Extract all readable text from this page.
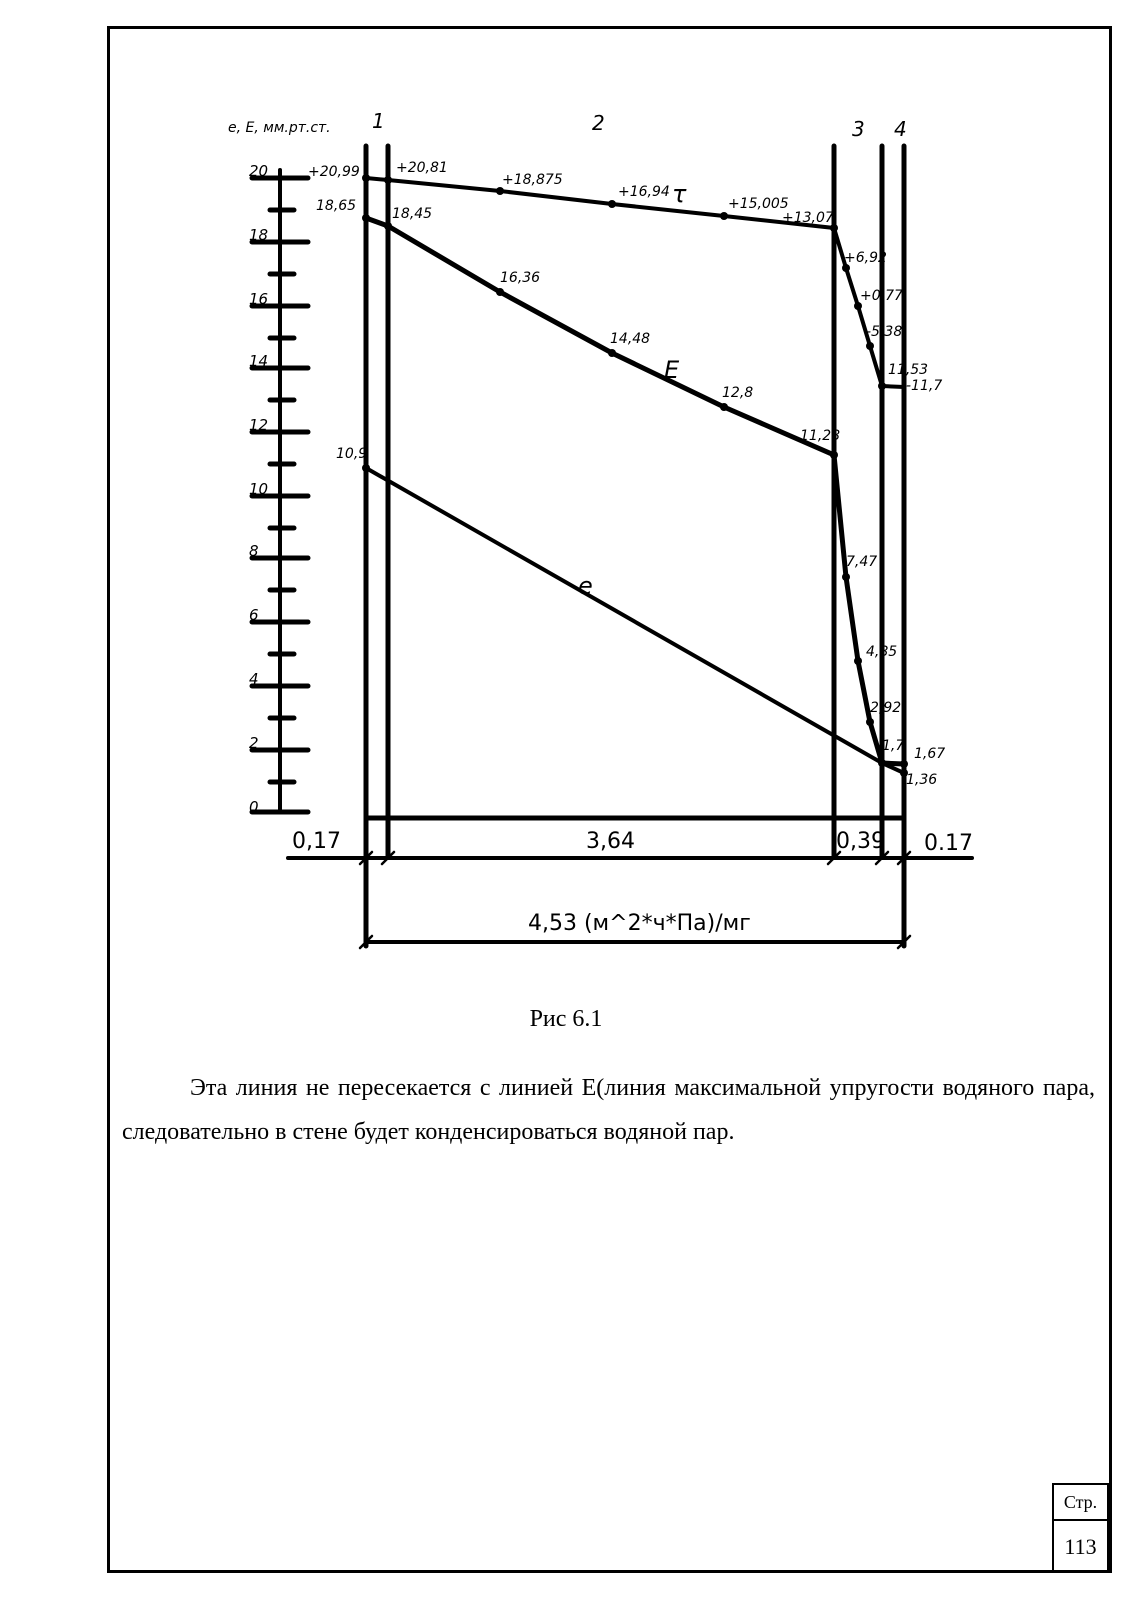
e, E, мм.рт.ст.
0
2
4
6
8
10
12
14
16
18
20
1	2	3 4
τ
E
e
+20,99	+20,81
+18,875
+16,94
+15,005
+13,07
+6,92
+0,77
-5,38
-11,7
18,65	18,45
16,36
14,48
12,8
11,28
7,47
4,85
2,92
1,7
11,53
1,67
10,9
1,36
0,17	3,64	0,39 0.17
4,53 (м^2*ч*Па)/мг
Рис 6.1

Эта линия не пересекается с линией Е(линия максимальной упругости водяного пара, следовательно в стене будет конденсироваться водяной пар.

Стр.
113
